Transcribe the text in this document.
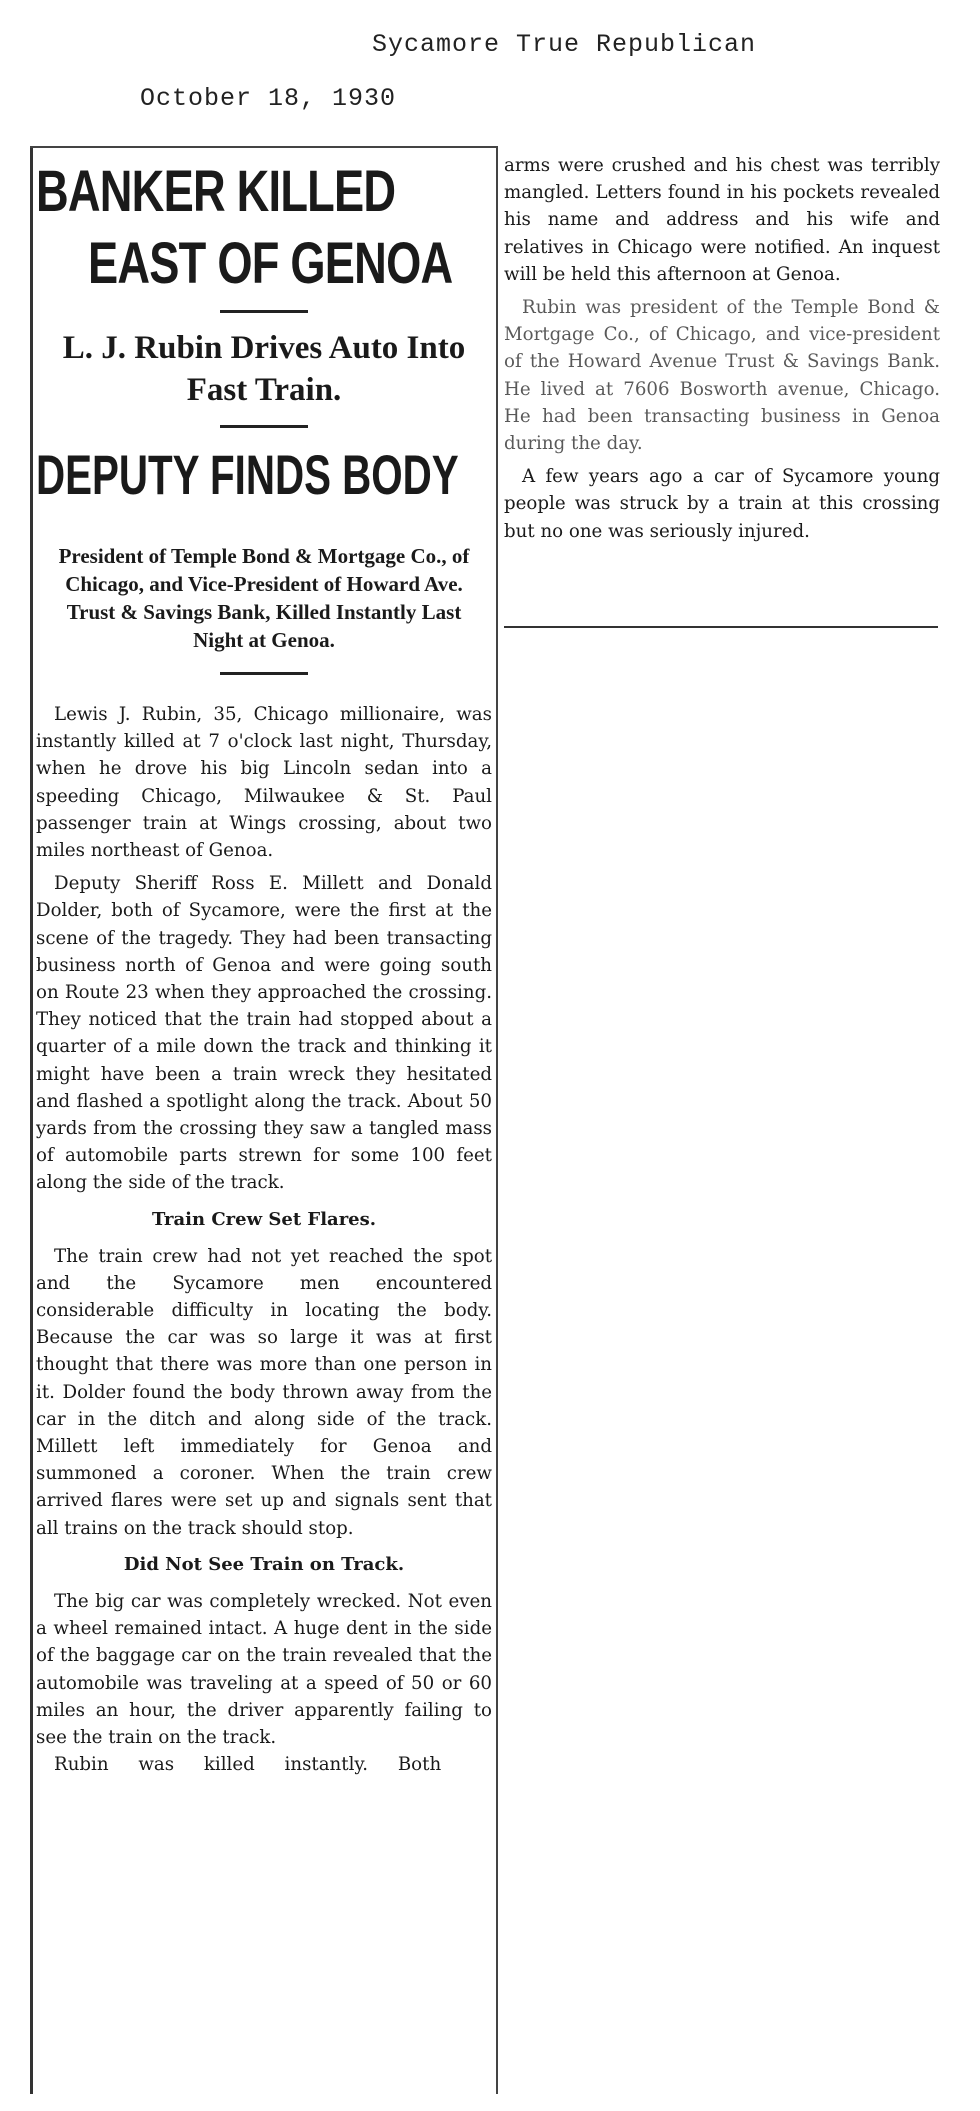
Sycamore True Republican
October 18, 1930
BANKER KILLED
EAST OF GENOA
L. J. Rubin Drives Auto Into Fast Train.
DEPUTY FINDS BODY
President of Temple Bond & Mortgage Co., of Chicago, and Vice-President of Howard Ave. Trust & Savings Bank, Killed Instantly Last Night at Genoa.

Lewis J. Rubin, 35, Chicago millionaire, was instantly killed at 7 o'clock last night, Thursday, when he drove his big Lincoln sedan into a speeding Chicago, Milwaukee & St. Paul passenger train at Wings crossing, about two miles northeast of Genoa.

Deputy Sheriff Ross E. Millett and Donald Dolder, both of Sycamore, were the first at the scene of the tragedy. They had been transacting business north of Genoa and were going south on Route 23 when they approached the crossing. They noticed that the train had stopped about a quarter of a mile down the track and thinking it might have been a train wreck they hesitated and flashed a spotlight along the track. About 50 yards from the crossing they saw a tangled mass of automobile parts strewn for some 100 feet along the side of the track.

Train Crew Set Flares.

The train crew had not yet reached the spot and the Sycamore men encountered considerable difficulty in locating the body. Because the car was so large it was at first thought that there was more than one person in it. Dolder found the body thrown away from the car in the ditch and along side of the track. Millett left immediately for Genoa and summoned a coroner. When the train crew arrived flares were set up and signals sent that all trains on the track should stop.

Did Not See Train on Track.

The big car was completely wrecked. Not even a wheel remained intact. A huge dent in the side of the baggage car on the train revealed that the automobile was traveling at a speed of 50 or 60 miles an hour, the driver apparently failing to see the train on the track.

Rubin was killed instantly. Both

arms were crushed and his chest was terribly mangled. Letters found in his pockets revealed his name and address and his wife and relatives in Chicago were notified. An inquest will be held this afternoon at Genoa.

Rubin was president of the Temple Bond & Mortgage Co., of Chicago, and vice-president of the Howard Avenue Trust & Savings Bank. He lived at 7606 Bosworth avenue, Chicago. He had been transacting business in Genoa during the day.

A few years ago a car of Sycamore young people was struck by a train at this crossing but no one was seriously injured.
